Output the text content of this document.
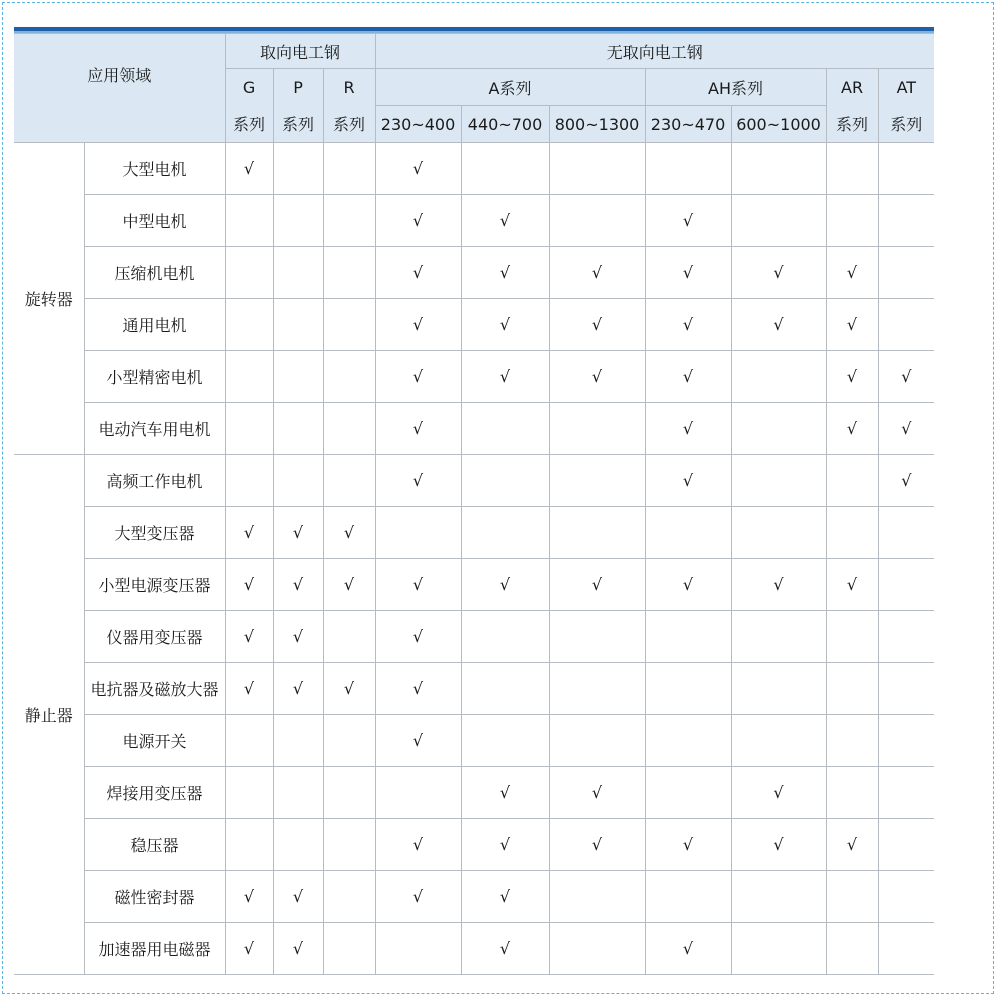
应用领域		取向电工钢			无取向电工钢						
		G	P	R	A系列			AH系列		AR	AT
		系列	系列	系列	230~400	440~700	800~1300	230~470	600~1000	系列	系列
旋转器	大型电机	√			√						
	中型电机				√	√		√			
	压缩机电机				√	√	√	√	√	√	
	通用电机				√	√	√	√	√	√	
	小型精密电机				√	√	√	√		√	√
	电动汽车用电机				√			√		√	√
静止器	高频工作电机				√			√			√
	大型变压器	√	√	√							
	小型电源变压器	√	√	√	√	√	√	√	√	√	
	仪器用变压器	√	√		√						
	电抗器及磁放大器	√	√	√	√						
	电源开关				√						
	焊接用变压器					√	√		√		
	稳压器				√	√	√	√	√	√	
	磁性密封器	√	√		√	√					
	加速器用电磁器	√	√			√		√			
